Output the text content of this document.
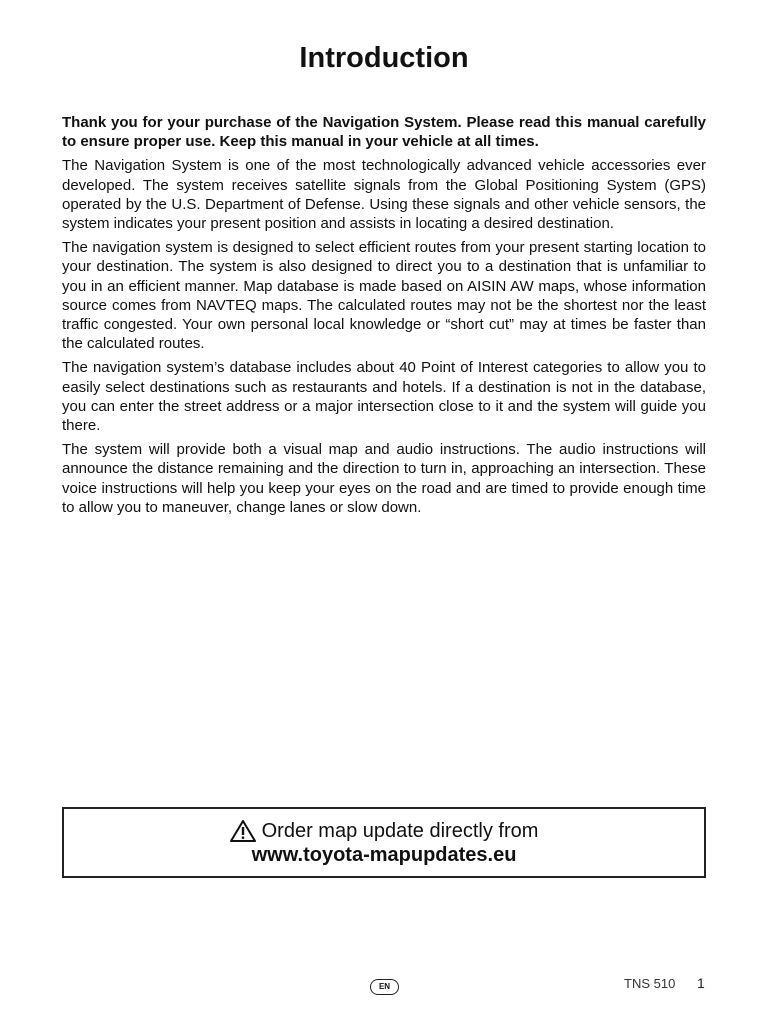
Introduction

Thank you for your purchase of the Navigation System. Please read this manual carefully to ensure proper use. Keep this manual in your vehicle at all times.

The Navigation System is one of the most technologically advanced vehicle accessories ever developed. The system receives satellite signals from the Global Positioning System (GPS) operated by the U.S. Department of Defense. Using these signals and other vehicle sensors, the system indicates your present position and assists in locating a desired destination.

The navigation system is designed to select efficient routes from your present starting location to your destination. The system is also designed to direct you to a destination that is unfamiliar to you in an efficient manner. Map database is made based on AISIN AW maps, whose information source comes from NAVTEQ maps. The calculated routes may not be the shortest nor the least traffic congested. Your own personal local knowledge or “short cut” may at times be faster than the calculated routes.

The navigation system’s database includes about 40 Point of Interest categories to allow you to easily select destinations such as restaurants and hotels. If a destination is not in the database, you can enter the street address or a major intersection close to it and the system will guide you there.

The system will provide both a visual map and audio instructions. The audio instructions will announce the distance remaining and the direction to turn in, approaching an intersection. These voice instructions will help you keep your eyes on the road and are timed to provide enough time to allow you to maneuver, change lanes or slow down.

Order map update directly from
www.toyota-mapupdates.eu
EN	TNS 510 1
